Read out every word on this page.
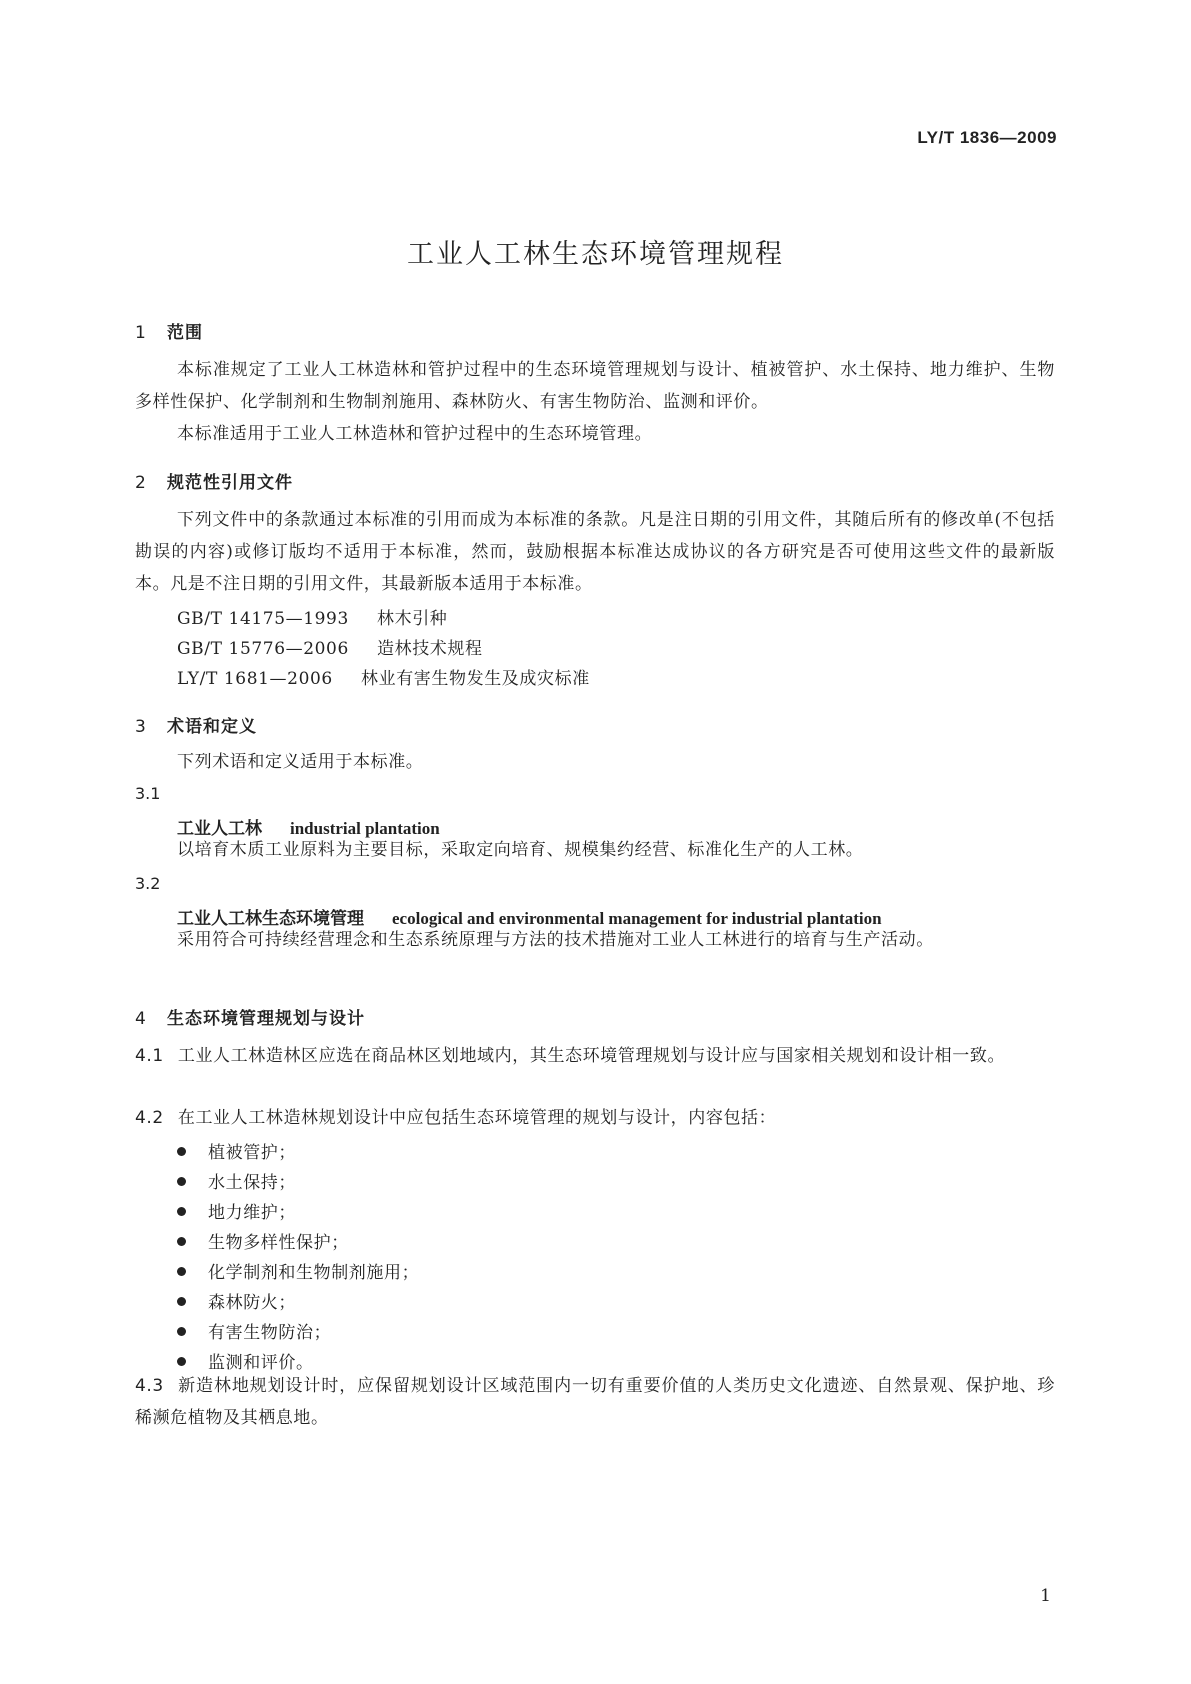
LY/T 1836—2009
工业人工林生态环境管理规程
1 范围
本标准规定了工业人工林造林和管护过程中的生态环境管理规划与设计、植被管护、水土保持、地力维护、生物多样性保护、化学制剂和生物制剂施用、森林防火、有害生物防治、监测和评价。
本标准适用于工业人工林造林和管护过程中的生态环境管理。
2 规范性引用文件
下列文件中的条款通过本标准的引用而成为本标准的条款。凡是注日期的引用文件，其随后所有的修改单(不包括勘误的内容)或修订版均不适用于本标准，然而，鼓励根据本标准达成协议的各方研究是否可使用这些文件的最新版本。凡是不注日期的引用文件，其最新版本适用于本标准。
GB/T 14175—1993 林木引种
GB/T 15776—2006 造林技术规程
LY/T 1681—2006 林业有害生物发生及成灾标准
3 术语和定义
下列术语和定义适用于本标准。
3.1
工业人工林 industrial plantation
以培育木质工业原料为主要目标，采取定向培育、规模集约经营、标准化生产的人工林。
3.2
工业人工林生态环境管理 ecological and environmental management for industrial plantation
采用符合可持续经营理念和生态系统原理与方法的技术措施对工业人工林进行的培育与生产活动。
4 生态环境管理规划与设计
4.1 工业人工林造林区应选在商品林区划地域内，其生态环境管理规划与设计应与国家相关规划和设计相一致。
4.2 在工业人工林造林规划设计中应包括生态环境管理的规划与设计，内容包括：
植被管护；
水土保持；
地力维护；
生物多样性保护；
化学制剂和生物制剂施用；
森林防火；
有害生物防治；
监测和评价。
4.3 新造林地规划设计时，应保留规划设计区域范围内一切有重要价值的人类历史文化遗迹、自然景观、保护地、珍稀濒危植物及其栖息地。
1
